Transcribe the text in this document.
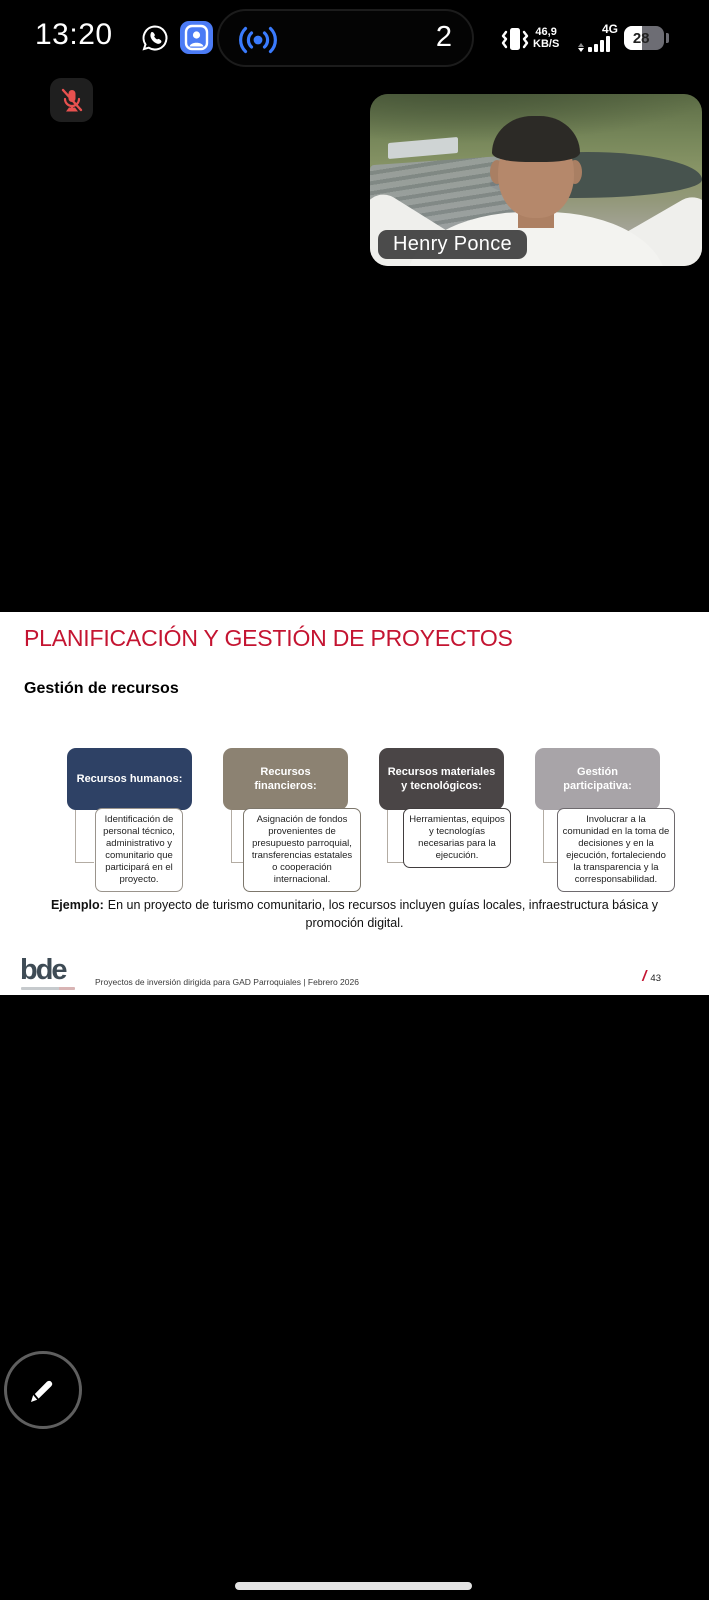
13:20	2	46,9
KB/S
4G
28
Henry Ponce
PLANIFICACIÓN Y GESTIÓN DE PROYECTOS
Gestión de recursos
Recursos humanos:
Identificación de personal técnico, administrativo y comunitario que participará en el proyecto.
Recursos financieros:
Asignación de fondos provenientes de presupuesto parroquial, transferencias estatales o cooperación internacional.
Recursos materiales y tecnológicos:
Herramientas, equipos y tecnologías necesarias para la ejecución.
Gestión participativa:
Involucrar a la comunidad en la toma de decisiones y en la ejecución, fortaleciendo la transparencia y la corresponsabilidad.
Ejemplo: En un proyecto de turismo comunitario, los recursos incluyen guías locales, infraestructura básica y promoción digital.
bde	Proyectos de inversión dirigida para GAD Parroquiales | Febrero 2026	/ 43
